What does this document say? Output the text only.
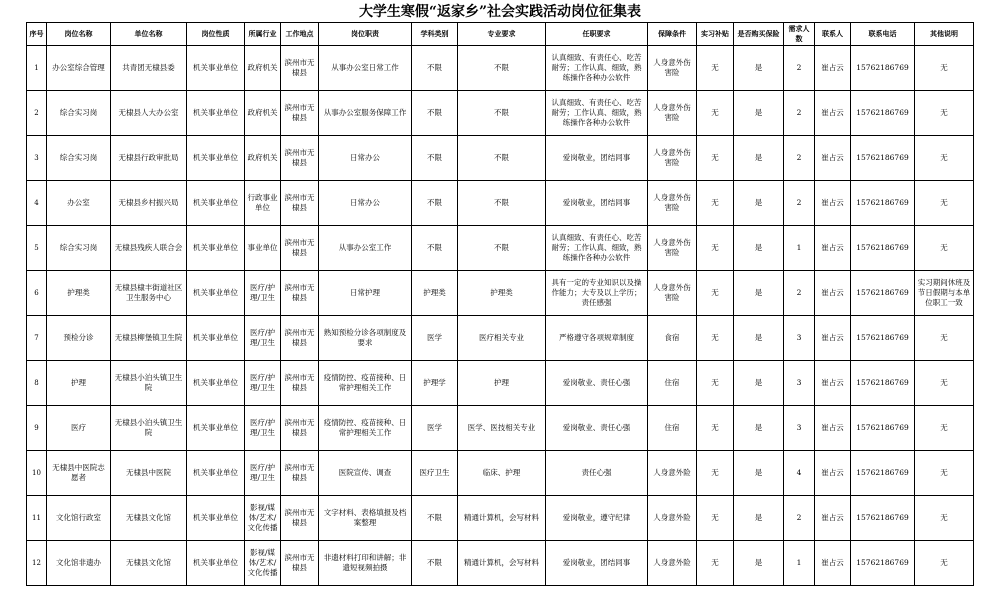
大学生寒假“返家乡”社会实践活动岗位征集表
序号	岗位名称	单位名称	岗位性质	所属行业	工作地点	岗位职责	学科类别	专业要求	任职要求	保障条件	实习补贴	是否购买保险	需求人数	联系人	联系电话	其他说明
1	办公室综合管理	共青团无棣县委	机关事业单位	政府机关	滨州市无棣县	从事办公室日常工作	不限	不限	认真细致、有责任心、吃苦耐劳；工作认真、细致，熟练操作各种办公软件	人身意外伤害险	无	是	2	崔占云	15762186769	无
2	综合实习岗	无棣县人大办公室	机关事业单位	政府机关	滨州市无棣县	从事办公室服务保障工作	不限	不限	认真细致、有责任心、吃苦耐劳；工作认真、细致，熟练操作各种办公软件	人身意外伤害险	无	是	2	崔占云	15762186769	无
3	综合实习岗	无棣县行政审批局	机关事业单位	政府机关	滨州市无棣县	日常办公	不限	不限	爱岗敬业，团结同事	人身意外伤害险	无	是	2	崔占云	15762186769	无
4	办公室	无棣县乡村振兴局	机关事业单位	行政事业单位	滨州市无棣县	日常办公	不限	不限	爱岗敬业，团结同事	人身意外伤害险	无	是	2	崔占云	15762186769	无
5	综合实习岗	无棣县残疾人联合会	机关事业单位	事业单位	滨州市无棣县	从事办公室工作	不限	不限	认真细致、有责任心、吃苦耐劳；工作认真、细致，熟练操作各种办公软件	人身意外伤害险	无	是	1	崔占云	15762186769	无
6	护理类	无棣县棣丰街道社区卫生服务中心	机关事业单位	医疗/护理/卫生	滨州市无棣县	日常护理	护理类	护理类	具有一定的专业知识以及操作能力；大专及以上学历；责任感强	人身意外伤害险	无	是	2	崔占云	15762186769	实习期间休班及节日假期与本单位职工一致
7	预检分诊	无棣县柳堡镇卫生院	机关事业单位	医疗/护理/卫生	滨州市无棣县	熟知预检分诊各项制度及要求	医学	医疗相关专业	严格遵守各项规章制度	食宿	无	是	3	崔占云	15762186769	无
8	护理	无棣县小泊头镇卫生院	机关事业单位	医疗/护理/卫生	滨州市无棣县	疫情防控、疫苗接种、日常护理相关工作	护理学	护理	爱岗敬业、责任心强	住宿	无	是	3	崔占云	15762186769	无
9	医疗	无棣县小泊头镇卫生院	机关事业单位	医疗/护理/卫生	滨州市无棣县	疫情防控、疫苗接种、日常护理相关工作	医学	医学、医技相关专业	爱岗敬业、责任心强	住宿	无	是	3	崔占云	15762186769	无
10	无棣县中医院志愿者	无棣县中医院	机关事业单位	医疗/护理/卫生	滨州市无棣县	医院宣传、调查	医疗卫生	临床、护理	责任心强	人身意外险	无	是	4	崔占云	15762186769	无
11	文化馆行政室	无棣县文化馆	机关事业单位	影视/媒体/艺术/文化传播	滨州市无棣县	文字材料、表格填报及档案整理	不限	精通计算机，会写材料	爱岗敬业，遵守纪律	人身意外险	无	是	2	崔占云	15762186769	无
12	文化馆非遗办	无棣县文化馆	机关事业单位	影视/媒体/艺术/文化传播	滨州市无棣县	非遗材料打印和讲解；非遗短视频拍摄	不限	精通计算机，会写材料	爱岗敬业，团结同事	人身意外险	无	是	1	崔占云	15762186769	无
